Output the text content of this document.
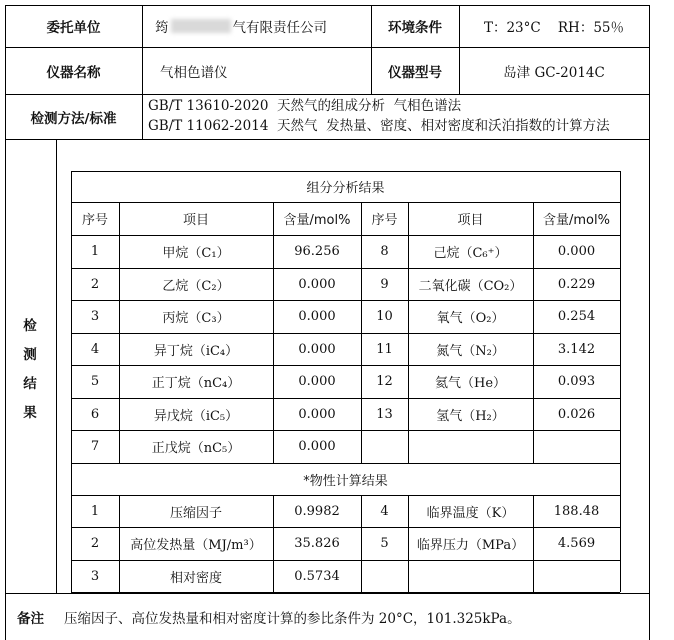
委托单位	筠	气有限责任公司	环境条件	T：23°C    RH：55％
仪器名称	气相色谱仪	仪器型号	岛津 GC-2014C
检测方法/标准
GB/T 13610-2020  天然气的组成分析  气相色谱法
GB/T 11062-2014  天然气  发热量、密度、相对密度和沃泊指数的计算方法
检
测
结
果
组分分析结果
序号	项目	含量/mol%	序号	项目	含量/mol%
1	甲烷（C₁）	96.256	8	己烷（C₆⁺）	0.000
2	乙烷（C₂）	0.000	9	二氧化碳（CO₂）	0.229
3	丙烷（C₃）	0.000	10	氧气（O₂）	0.254
4	异丁烷（iC₄）	0.000	11	氮气（N₂）	3.142
5	正丁烷（nC₄）	0.000	12	氦气（He）	0.093
6	异戊烷（iC₅）	0.000	13	氢气（H₂）	0.026
7	正戊烷（nC₅）	0.000
*物性计算结果
1	压缩因子	0.9982	4	临界温度（K）	188.48
2	高位发热量（MJ/m³）	35.826	5	临界压力（MPa）	4.569
3	相对密度	0.5734
备注	压缩因子、高位发热量和相对密度计算的参比条件为 20°C，101.325kPa。
